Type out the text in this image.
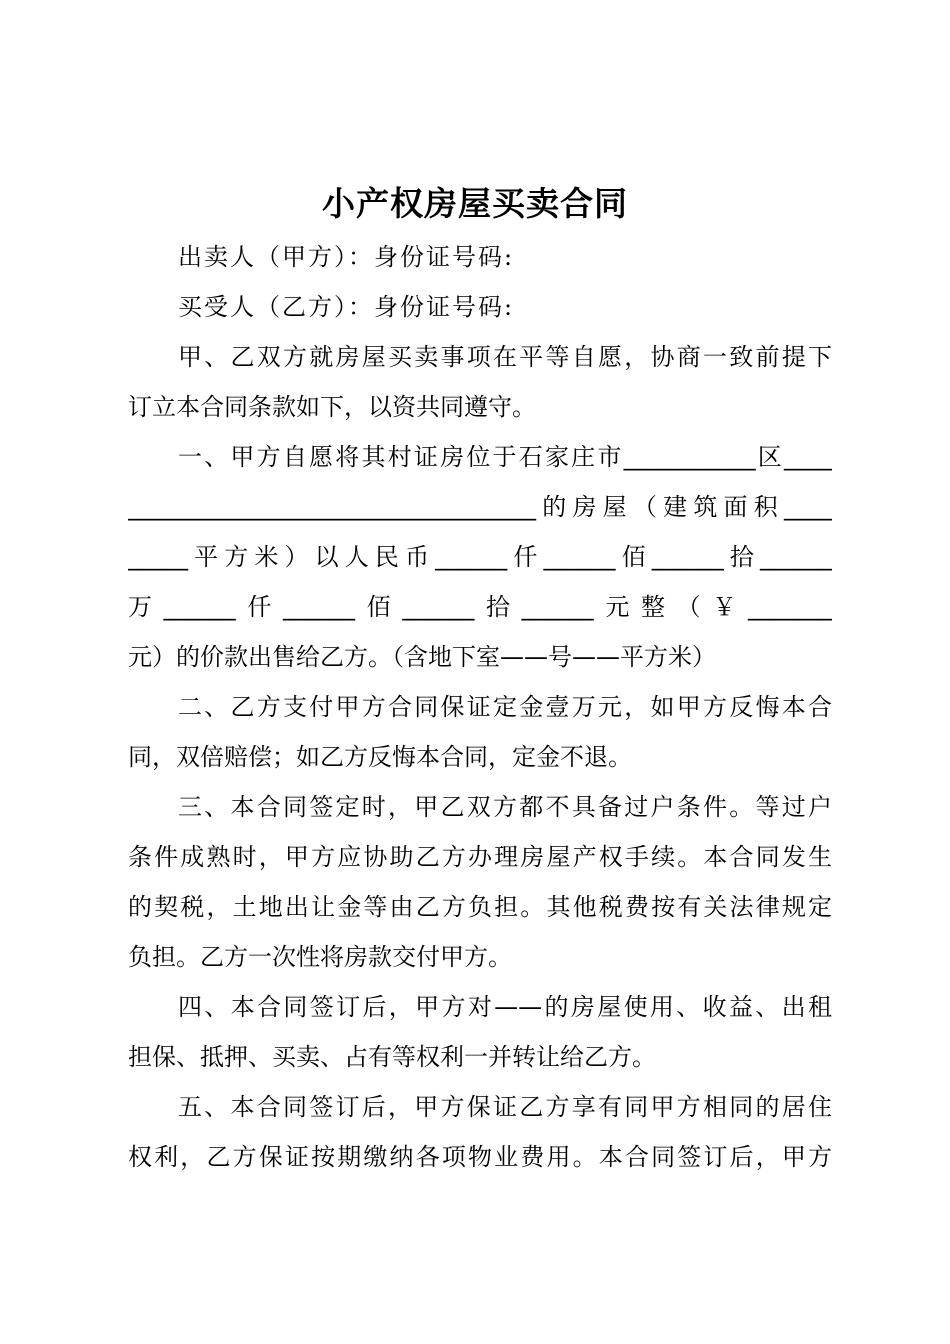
小产权房屋买卖合同
出卖人（甲方）：身份证号码:
买受人（乙方）：身份证号码:
甲、乙双方就房屋买卖事项在平等自愿，协商一致前提下
订立本合同条款如下，以资共同遵守。
一、甲方自愿将其村证房位于石家庄市___________区____
__________________________________的房屋（建筑面积____
_____平方米）以人民币______仟______佰______拾______
万______仟______佰______拾______元整（￥_______
元）的价款出售给乙方。（含地下室——号——平方米）
二、乙方支付甲方合同保证定金壹万元，如甲方反悔本合
同，双倍赔偿；如乙方反悔本合同，定金不退。
三、本合同签定时，甲乙双方都不具备过户条件。等过户
条件成熟时，甲方应协助乙方办理房屋产权手续。本合同发生
的契税，土地出让金等由乙方负担。其他税费按有关法律规定
负担。乙方一次性将房款交付甲方。
四、本合同签订后，甲方对——的房屋使用、收益、出租
担保、抵押、买卖、占有等权利一并转让给乙方。
五、本合同签订后，甲方保证乙方享有同甲方相同的居住
权利，乙方保证按期缴纳各项物业费用。本合同签订后，甲方
